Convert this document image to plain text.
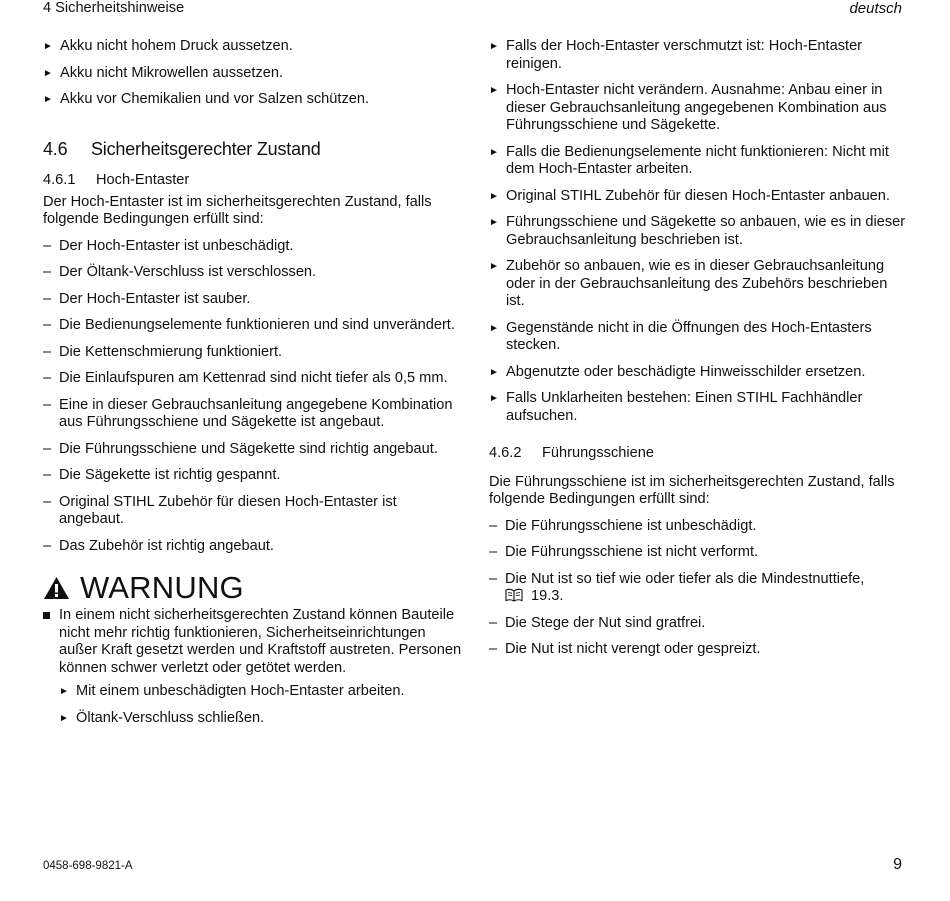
4 Sicherheitshinweise	deutsch
► Akku nicht hohem Druck aussetzen.
► Akku nicht Mikrowellen aussetzen.
► Akku vor Chemikalien und vor Salzen schützen.
4.6	Sicherheitsgerechter Zustand
4.6.1	Hoch-Entaster
Der Hoch-Entaster ist im sicherheitsgerechten Zustand, falls folgende Bedingungen erfüllt sind:
– Der Hoch-Entaster ist unbeschädigt.
– Der Öltank-Verschluss ist verschlossen.
– Der Hoch-Entaster ist sauber.
– Die Bedienungselemente funktionieren und sind unverändert.
– Die Kettenschmierung funktioniert.
– Die Einlaufspuren am Kettenrad sind nicht tiefer als 0,5 mm.
– Eine in dieser Gebrauchsanleitung angegebene Kombination aus Führungsschiene und Sägekette ist angebaut.
– Die Führungsschiene und Sägekette sind richtig angebaut.
– Die Sägekette ist richtig gespannt.
– Original STIHL Zubehör für diesen Hoch-Entaster ist angebaut.
– Das Zubehör ist richtig angebaut.
WARNUNG
In einem nicht sicherheitsgerechten Zustand können Bauteile nicht mehr richtig funktionieren, Sicherheitseinrichtungen außer Kraft gesetzt werden und Kraftstoff austreten. Personen können schwer verletzt oder getötet werden.
► Mit einem unbeschädigten Hoch-Entaster arbeiten.
► Öltank-Verschluss schließen.
► Falls der Hoch-Entaster verschmutzt ist: Hoch-Entaster reinigen.
► Hoch-Entaster nicht verändern. Ausnahme: Anbau einer in dieser Gebrauchsanleitung angegebenen Kombination aus Führungsschiene und Sägekette.
► Falls die Bedienungselemente nicht funktionieren: Nicht mit dem Hoch-Entaster arbeiten.
► Original STIHL Zubehör für diesen Hoch-Entaster anbauen.
► Führungsschiene und Sägekette so anbauen, wie es in dieser Gebrauchsanleitung beschrieben ist.
► Zubehör so anbauen, wie es in dieser Gebrauchsanleitung oder in der Gebrauchsanleitung des Zubehörs beschrieben ist.
► Gegenstände nicht in die Öffnungen des Hoch-Entasters stecken.
► Abgenutzte oder beschädigte Hinweisschilder ersetzen.
► Falls Unklarheiten bestehen: Einen STIHL Fachhändler aufsuchen.
4.6.2	Führungsschiene
Die Führungsschiene ist im sicherheitsgerechten Zustand, falls folgende Bedingungen erfüllt sind:
– Die Führungsschiene ist unbeschädigt.
– Die Führungsschiene ist nicht verformt.
– Die Nut ist so tief wie oder tiefer als die Mindestnuttiefe,
19.3.
– Die Stege der Nut sind gratfrei.
– Die Nut ist nicht verengt oder gespreizt.
0458-698-9821-A	9
